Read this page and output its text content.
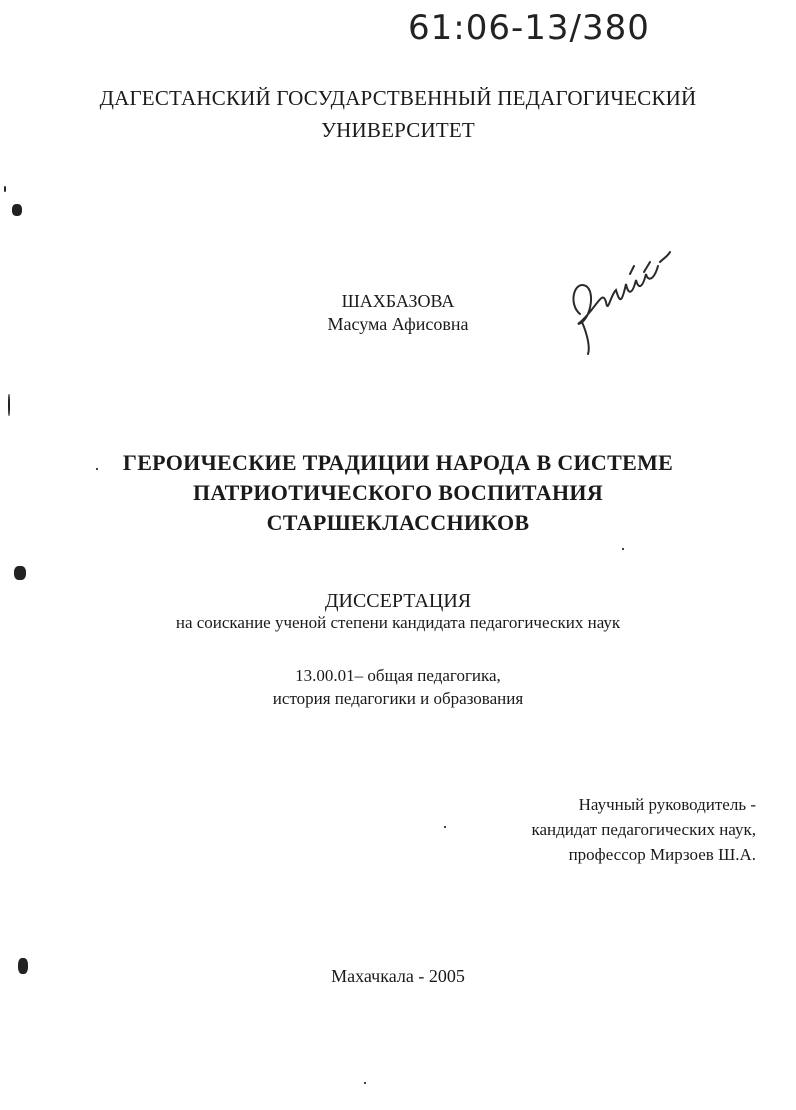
61:06-13/380
ДАГЕСТАНСКИЙ ГОСУДАРСТВЕННЫЙ ПЕДАГОГИЧЕСКИЙ
УНИВЕРСИТЕТ
ШАХБАЗОВА
Масума Афисовна
ГЕРОИЧЕСКИЕ ТРАДИЦИИ НАРОДА В СИСТЕМЕ
ПАТРИОТИЧЕСКОГО ВОСПИТАНИЯ
СТАРШЕКЛАССНИКОВ
ДИССЕРТАЦИЯ
на соискание ученой степени кандидата педагогических наук
13.00.01– общая педагогика,
история педагогики и образования
Научный руководитель -
кандидат педагогических наук,
профессор Мирзоев Ш.А.
Махачкала - 2005
